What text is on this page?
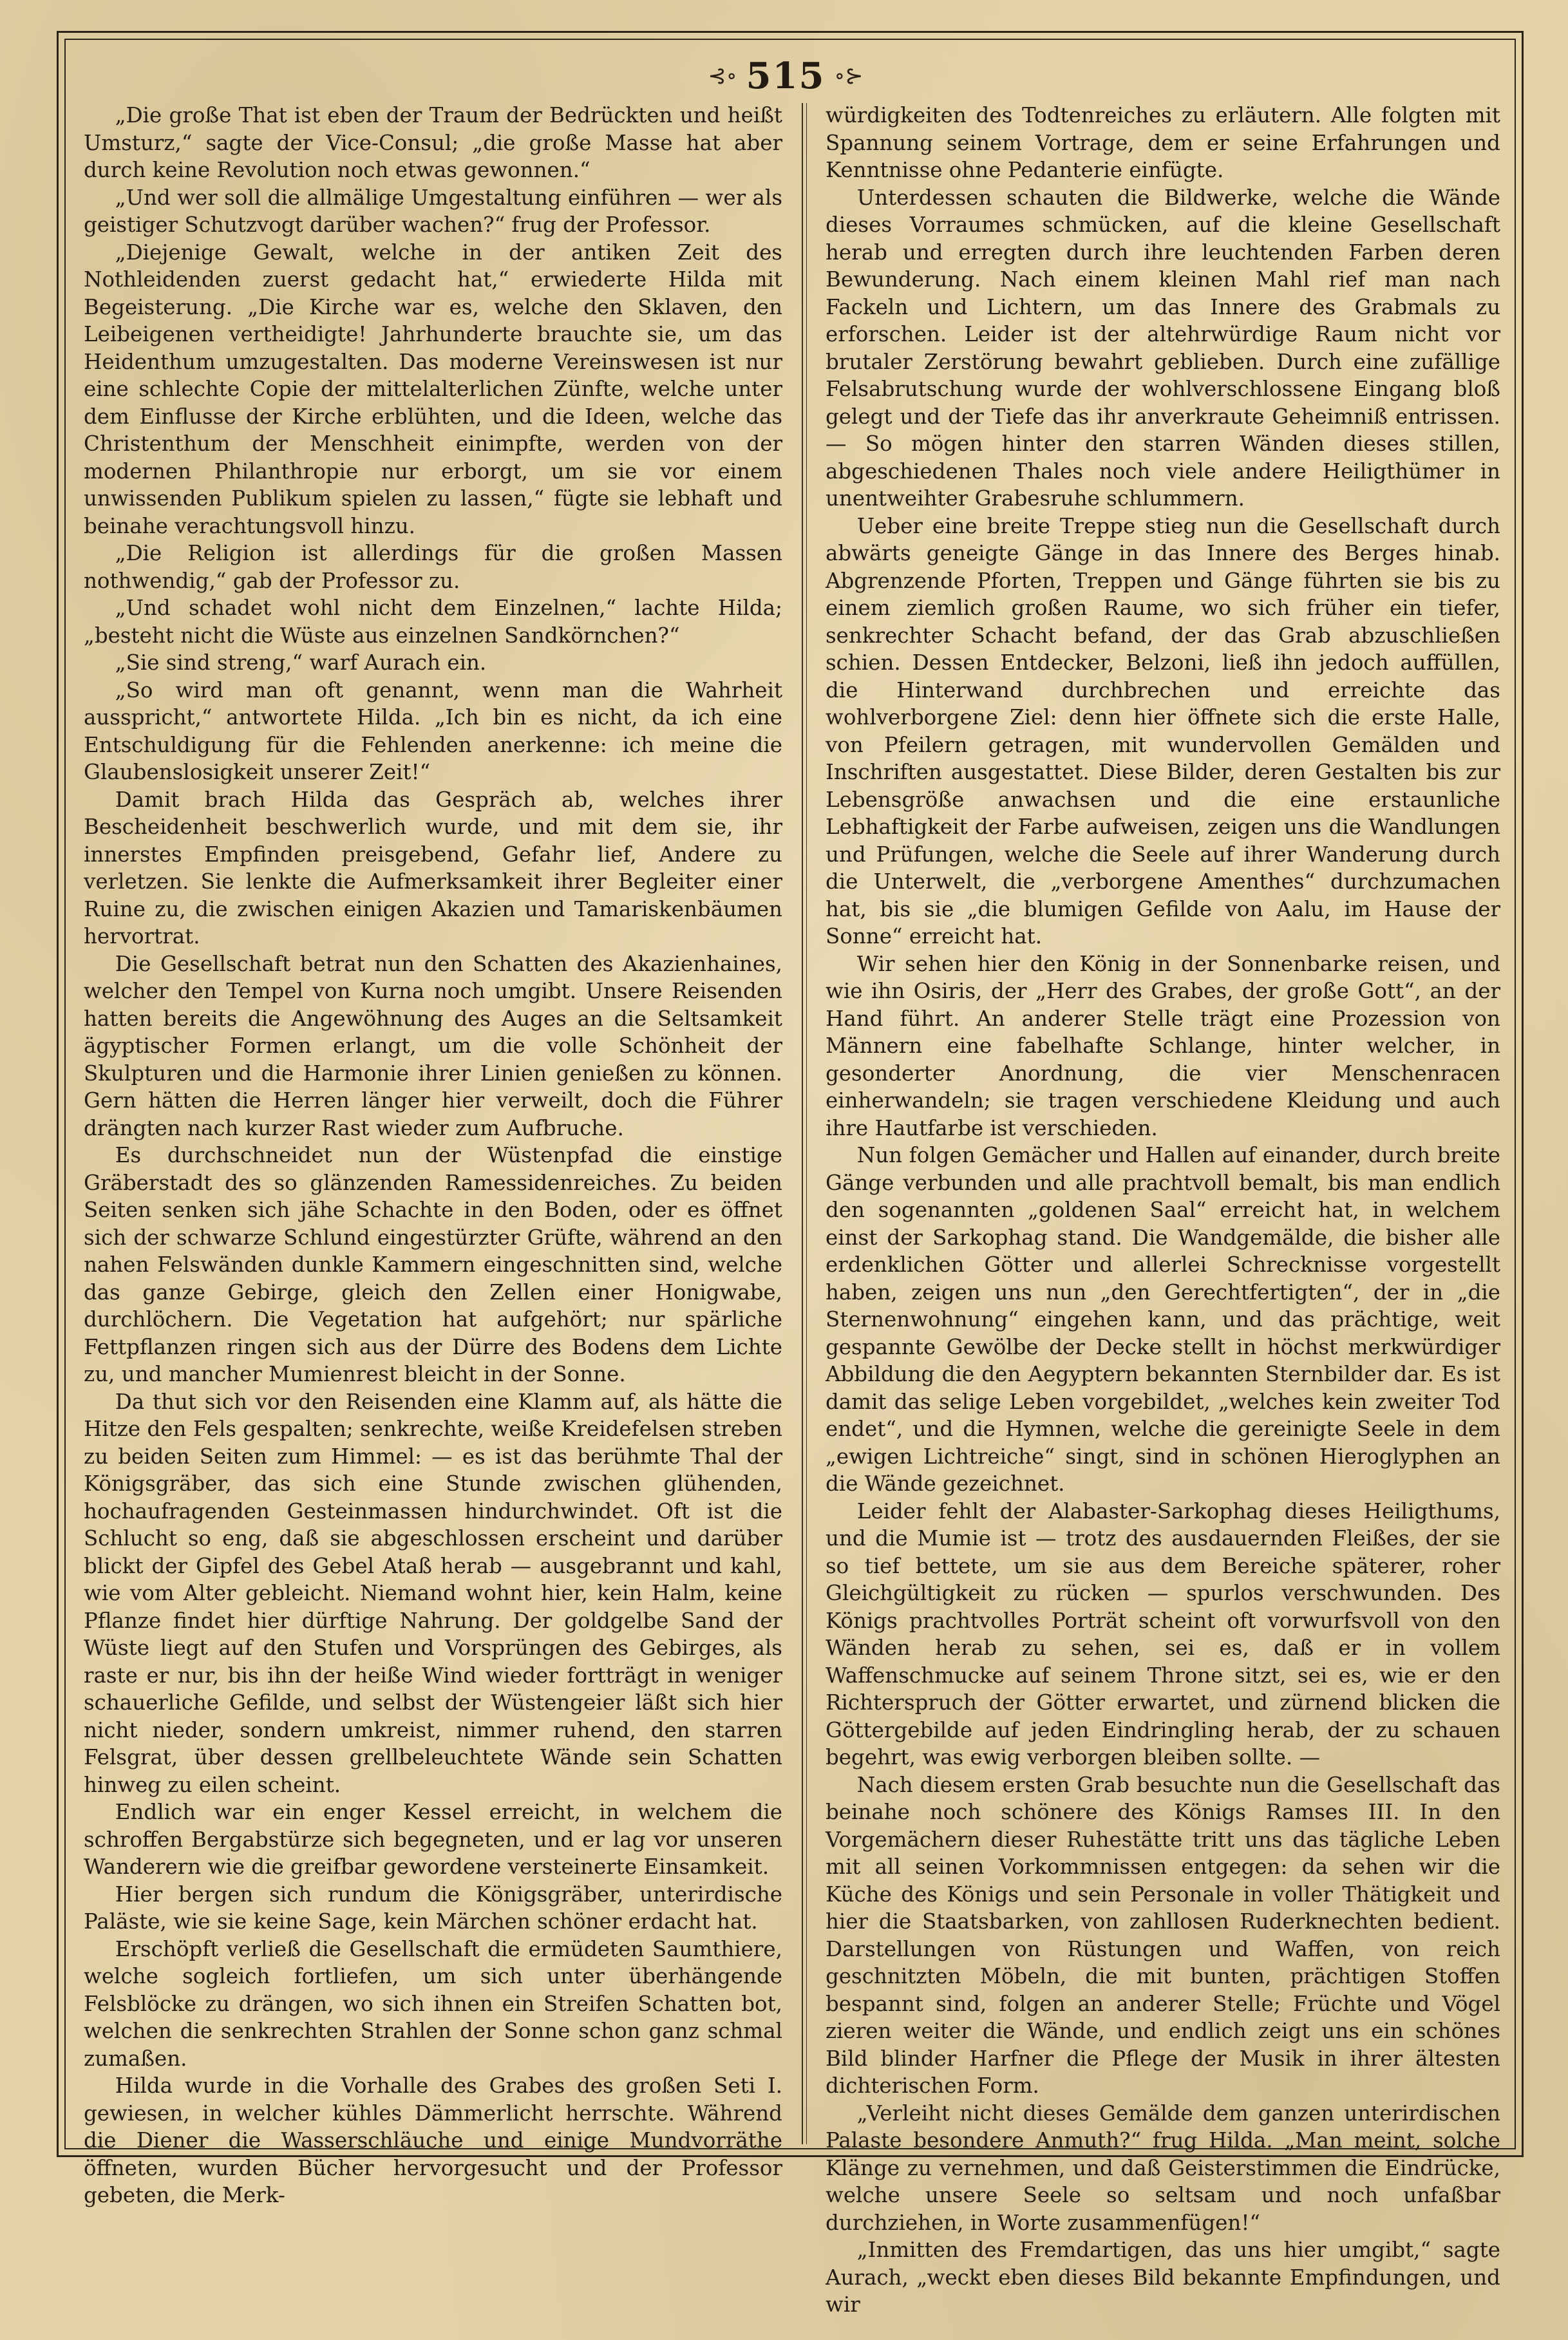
⊰∘ 515 ∘⊱

„Die große That ist eben der Traum der Bedrückten und heißt Umsturz,“ sagte der Vice-Consul; „die große Masse hat aber durch keine Revolution noch etwas gewonnen.“

„Und wer soll die allmälige Umgestaltung einführen — wer als geistiger Schutzvogt darüber wachen?“ frug der Professor.

„Diejenige Gewalt, welche in der antiken Zeit des Nothleidenden zuerst gedacht hat,“ erwiederte Hilda mit Begeisterung. „Die Kirche war es, welche den Sklaven, den Leibeigenen vertheidigte! Jahrhunderte brauchte sie, um das Heidenthum umzugestalten. Das moderne Vereinswesen ist nur eine schlechte Copie der mittelalterlichen Zünfte, welche unter dem Einflusse der Kirche erblühten, und die Ideen, welche das Christenthum der Menschheit einimpfte, werden von der modernen Philanthropie nur erborgt, um sie vor einem unwissenden Publikum spielen zu lassen,“ fügte sie lebhaft und beinahe verachtungsvoll hinzu.

„Die Religion ist allerdings für die großen Massen nothwendig,“ gab der Professor zu.

„Und schadet wohl nicht dem Einzelnen,“ lachte Hilda; „besteht nicht die Wüste aus einzelnen Sandkörnchen?“

„Sie sind streng,“ warf Aurach ein.

„So wird man oft genannt, wenn man die Wahrheit ausspricht,“ antwortete Hilda. „Ich bin es nicht, da ich eine Entschuldigung für die Fehlenden anerkenne: ich meine die Glaubenslosigkeit unserer Zeit!“

Damit brach Hilda das Gespräch ab, welches ihrer Bescheidenheit beschwerlich wurde, und mit dem sie, ihr innerstes Empfinden preisgebend, Gefahr lief, Andere zu verletzen. Sie lenkte die Aufmerksamkeit ihrer Begleiter einer Ruine zu, die zwischen einigen Akazien und Tamariskenbäumen hervortrat.

Die Gesellschaft betrat nun den Schatten des Akazienhaines, welcher den Tempel von Kurna noch umgibt. Unsere Reisenden hatten bereits die Angewöhnung des Auges an die Seltsamkeit ägyptischer Formen erlangt, um die volle Schönheit der Skulpturen und die Harmonie ihrer Linien genießen zu können. Gern hätten die Herren länger hier verweilt, doch die Führer drängten nach kurzer Rast wieder zum Aufbruche.

Es durchschneidet nun der Wüstenpfad die einstige Gräberstadt des so glänzenden Ramessidenreiches. Zu beiden Seiten senken sich jähe Schachte in den Boden, oder es öffnet sich der schwarze Schlund eingestürzter Grüfte, während an den nahen Felswänden dunkle Kammern eingeschnitten sind, welche das ganze Gebirge, gleich den Zellen einer Honigwabe, durchlöchern. Die Vegetation hat aufgehört; nur spärliche Fettpflanzen ringen sich aus der Dürre des Bodens dem Lichte zu, und mancher Mumienrest bleicht in der Sonne.

Da thut sich vor den Reisenden eine Klamm auf, als hätte die Hitze den Fels gespalten; senkrechte, weiße Kreidefelsen streben zu beiden Seiten zum Himmel: — es ist das berühmte Thal der Königsgräber, das sich eine Stunde zwischen glühenden, hochaufragenden Gesteinmassen hindurchwindet. Oft ist die Schlucht so eng, daß sie abgeschlossen erscheint und darüber blickt der Gipfel des Gebel Ataß herab — ausgebrannt und kahl, wie vom Alter gebleicht. Niemand wohnt hier, kein Halm, keine Pflanze findet hier dürftige Nahrung. Der goldgelbe Sand der Wüste liegt auf den Stufen und Vorsprüngen des Gebirges, als raste er nur, bis ihn der heiße Wind wieder fortträgt in weniger schauerliche Gefilde, und selbst der Wüstengeier läßt sich hier nicht nieder, sondern umkreist, nimmer ruhend, den starren Felsgrat, über dessen grellbeleuchtete Wände sein Schatten hinweg zu eilen scheint.

Endlich war ein enger Kessel erreicht, in welchem die schroffen Bergabstürze sich begegneten, und er lag vor unseren Wanderern wie die greifbar gewordene versteinerte Einsamkeit.

Hier bergen sich rundum die Königsgräber, unterirdische Paläste, wie sie keine Sage, kein Märchen schöner erdacht hat.

Erschöpft verließ die Gesellschaft die ermüdeten Saumthiere, welche sogleich fortliefen, um sich unter überhängende Felsblöcke zu drängen, wo sich ihnen ein Streifen Schatten bot, welchen die senkrechten Strahlen der Sonne schon ganz schmal zumaßen.

Hilda wurde in die Vorhalle des Grabes des großen Seti I. gewiesen, in welcher kühles Dämmerlicht herrschte. Während die Diener die Wasserschläuche und einige Mundvorräthe öffneten, wurden Bücher hervorgesucht und der Professor gebeten, die Merk-

würdigkeiten des Todtenreiches zu erläutern. Alle folgten mit Spannung seinem Vortrage, dem er seine Erfahrungen und Kenntnisse ohne Pedanterie einfügte.

Unterdessen schauten die Bildwerke, welche die Wände dieses Vorraumes schmücken, auf die kleine Gesellschaft herab und erregten durch ihre leuchtenden Farben deren Bewunderung. Nach einem kleinen Mahl rief man nach Fackeln und Lichtern, um das Innere des Grabmals zu erforschen. Leider ist der altehrwürdige Raum nicht vor brutaler Zerstörung bewahrt geblieben. Durch eine zufällige Felsabrutschung wurde der wohlverschlossene Eingang bloß gelegt und der Tiefe das ihr anverkraute Geheimniß entrissen. — So mögen hinter den starren Wänden dieses stillen, abgeschiedenen Thales noch viele andere Heiligthümer in unentweihter Grabesruhe schlummern.

Ueber eine breite Treppe stieg nun die Gesellschaft durch abwärts geneigte Gänge in das Innere des Berges hinab. Abgrenzende Pforten, Treppen und Gänge führten sie bis zu einem ziemlich großen Raume, wo sich früher ein tiefer, senkrechter Schacht befand, der das Grab abzuschließen schien. Dessen Entdecker, Belzoni, ließ ihn jedoch auffüllen, die Hinterwand durchbrechen und erreichte das wohlverborgene Ziel: denn hier öffnete sich die erste Halle, von Pfeilern getragen, mit wundervollen Gemälden und Inschriften ausgestattet. Diese Bilder, deren Gestalten bis zur Lebensgröße anwachsen und die eine erstaunliche Lebhaftigkeit der Farbe aufweisen, zeigen uns die Wandlungen und Prüfungen, welche die Seele auf ihrer Wanderung durch die Unterwelt, die „verborgene Amenthes“ durchzumachen hat, bis sie „die blumigen Gefilde von Aalu, im Hause der Sonne“ erreicht hat.

Wir sehen hier den König in der Sonnenbarke reisen, und wie ihn Osiris, der „Herr des Grabes, der große Gott“, an der Hand führt. An anderer Stelle trägt eine Prozession von Männern eine fabelhafte Schlange, hinter welcher, in gesonderter Anordnung, die vier Menschenracen einherwandeln; sie tragen verschiedene Kleidung und auch ihre Hautfarbe ist verschieden.

Nun folgen Gemächer und Hallen auf einander, durch breite Gänge verbunden und alle prachtvoll bemalt, bis man endlich den sogenannten „goldenen Saal“ erreicht hat, in welchem einst der Sarkophag stand. Die Wandgemälde, die bisher alle erdenklichen Götter und allerlei Schrecknisse vorgestellt haben, zeigen uns nun „den Gerechtfertigten“, der in „die Sternenwohnung“ eingehen kann, und das prächtige, weit gespannte Gewölbe der Decke stellt in höchst merkwürdiger Abbildung die den Aegyptern bekannten Sternbilder dar. Es ist damit das selige Leben vorgebildet, „welches kein zweiter Tod endet“, und die Hymnen, welche die gereinigte Seele in dem „ewigen Lichtreiche“ singt, sind in schönen Hieroglyphen an die Wände gezeichnet.

Leider fehlt der Alabaster-Sarkophag dieses Heiligthums, und die Mumie ist — trotz des ausdauernden Fleißes, der sie so tief bettete, um sie aus dem Bereiche späterer, roher Gleichgültigkeit zu rücken — spurlos verschwunden. Des Königs prachtvolles Porträt scheint oft vorwurfsvoll von den Wänden herab zu sehen, sei es, daß er in vollem Waffenschmucke auf seinem Throne sitzt, sei es, wie er den Richterspruch der Götter erwartet, und zürnend blicken die Göttergebilde auf jeden Eindringling herab, der zu schauen begehrt, was ewig verborgen bleiben sollte. —

Nach diesem ersten Grab besuchte nun die Gesellschaft das beinahe noch schönere des Königs Ramses III. In den Vorgemächern dieser Ruhestätte tritt uns das tägliche Leben mit all seinen Vorkommnissen entgegen: da sehen wir die Küche des Königs und sein Personale in voller Thätigkeit und hier die Staatsbarken, von zahllosen Ruderknechten bedient. Darstellungen von Rüstungen und Waffen, von reich geschnitzten Möbeln, die mit bunten, prächtigen Stoffen bespannt sind, folgen an anderer Stelle; Früchte und Vögel zieren weiter die Wände, und endlich zeigt uns ein schönes Bild blinder Harfner die Pflege der Musik in ihrer ältesten dichterischen Form.

„Verleiht nicht dieses Gemälde dem ganzen unterirdischen Palaste besondere Anmuth?“ frug Hilda. „Man meint, solche Klänge zu vernehmen, und daß Geisterstimmen die Eindrücke, welche unsere Seele so seltsam und noch unfaßbar durchziehen, in Worte zusammenfügen!“

„Inmitten des Fremdartigen, das uns hier umgibt,“ sagte Aurach, „weckt eben dieses Bild bekannte Empfindungen, und wir
